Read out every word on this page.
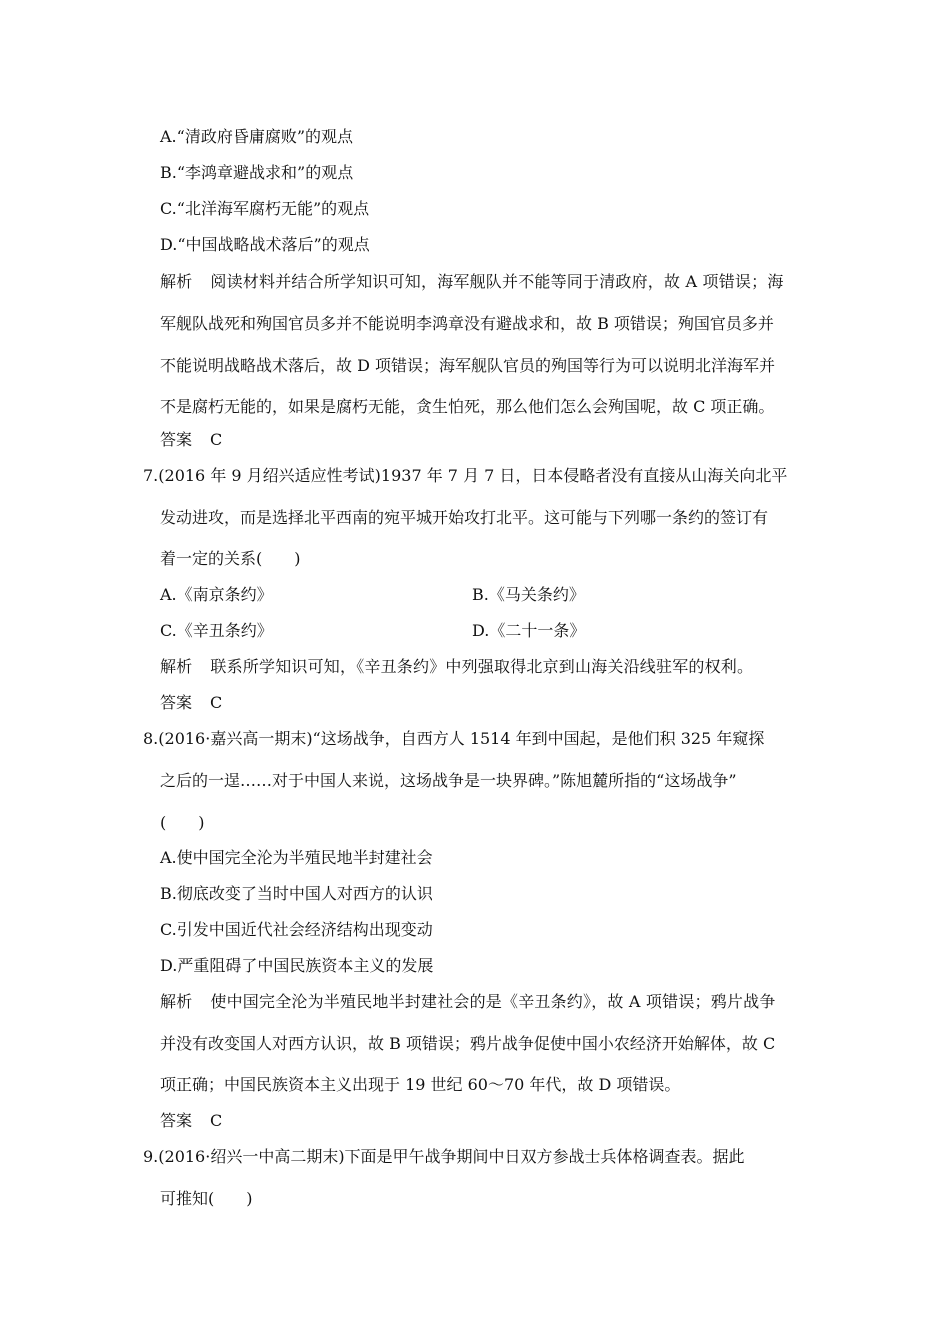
A.“清政府昏庸腐败”的观点
B.“李鸿章避战求和”的观点
C.“北洋海军腐朽无能”的观点
D.“中国战略战术落后”的观点
解析 阅读材料并结合所学知识可知，海军舰队并不能等同于清政府，故 A 项错误；海
军舰队战死和殉国官员多并不能说明李鸿章没有避战求和，故 B 项错误；殉国官员多并
不能说明战略战术落后，故 D 项错误；海军舰队官员的殉国等行为可以说明北洋海军并
不是腐朽无能的，如果是腐朽无能，贪生怕死，那么他们怎么会殉国呢，故 C 项正确。
答案 C
7.(2016 年 9 月绍兴适应性考试)1937 年 7 月 7 日，日本侵略者没有直接从山海关向北平
发动进攻，而是选择北平西南的宛平城开始攻打北平。这可能与下列哪一条约的签订有
着一定的关系(　　)
A.《南京条约》	B.《马关条约》
C.《辛丑条约》	D.《二十一条》
解析 联系所学知识可知，《辛丑条约》中列强取得北京到山海关沿线驻军的权利。
答案 C
8.(2016·嘉兴高一期末)“这场战争，自西方人 1514 年到中国起，是他们积 325 年窥探
之后的一逞……对于中国人来说，这场战争是一块界碑。”陈旭麓所指的“这场战争”
(　　)
A.使中国完全沦为半殖民地半封建社会
B.彻底改变了当时中国人对西方的认识
C.引发中国近代社会经济结构出现变动
D.严重阻碍了中国民族资本主义的发展
解析 使中国完全沦为半殖民地半封建社会的是《辛丑条约》，故 A 项错误；鸦片战争
并没有改变国人对西方认识，故 B 项错误；鸦片战争促使中国小农经济开始解体，故 C
项正确；中国民族资本主义出现于 19 世纪 60～70 年代，故 D 项错误。
答案 C
9.(2016·绍兴一中高二期末)下面是甲午战争期间中日双方参战士兵体格调查表。据此
可推知(　　)
